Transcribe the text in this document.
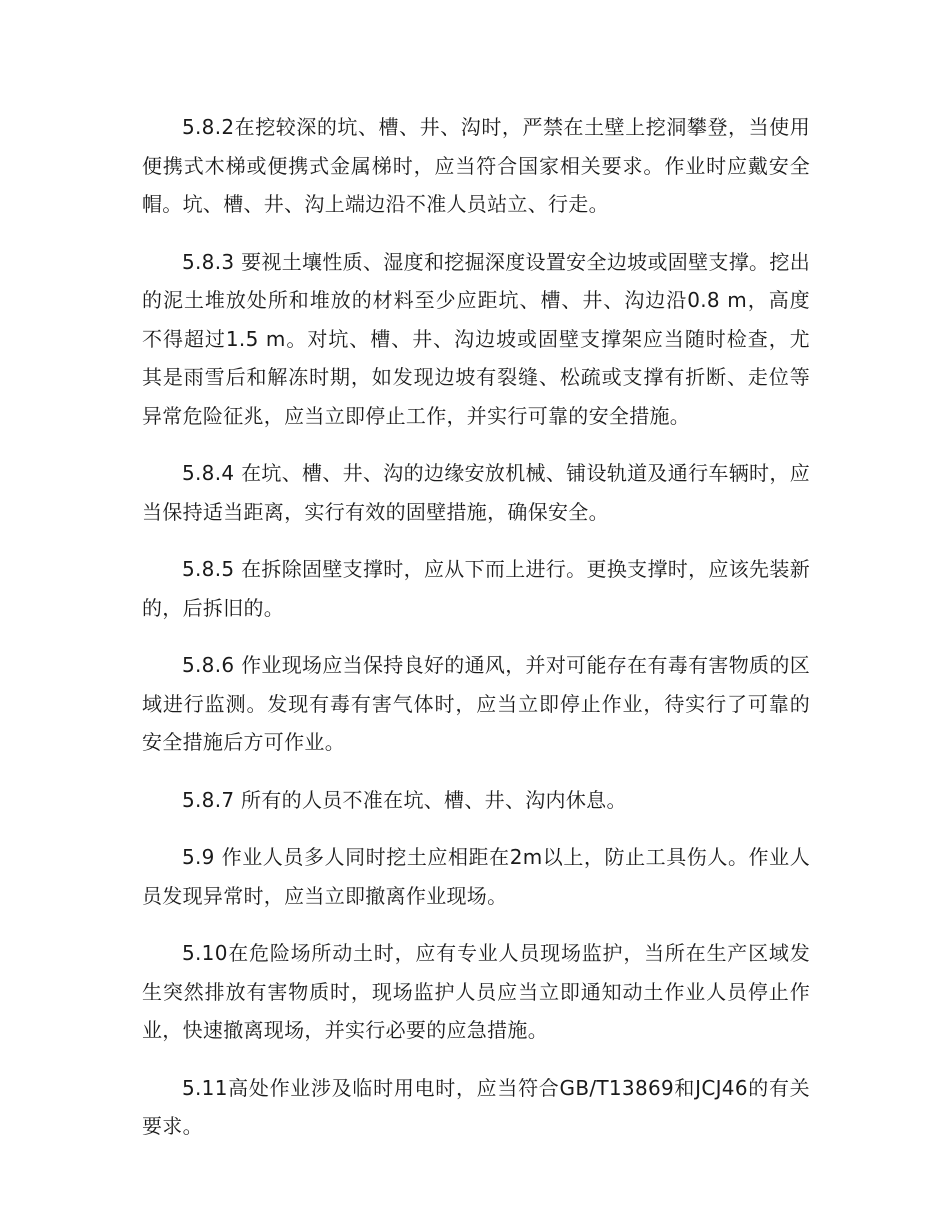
5.8.2在挖较深的坑、槽、井、沟时，严禁在土壁上挖洞攀登，当使用便携式木梯或便携式金属梯时，应当符合国家相关要求。作业时应戴安全帽。坑、槽、井、沟上端边沿不准人员站立、行走。

5.8.3 要视土壤性质、湿度和挖掘深度设置安全边坡或固壁支撑。挖出的泥土堆放处所和堆放的材料至少应距坑、槽、井、沟边沿0.8 m，高度不得超过1.5 m。对坑、槽、井、沟边坡或固壁支撑架应当随时检查，尤其是雨雪后和解冻时期，如发现边坡有裂缝、松疏或支撑有折断、走位等异常危险征兆，应当立即停止工作，并实行可靠的安全措施。

5.8.4 在坑、槽、井、沟的边缘安放机械、铺设轨道及通行车辆时，应当保持适当距离，实行有效的固壁措施，确保安全。

5.8.5 在拆除固壁支撑时，应从下而上进行。更换支撑时，应该先装新的，后拆旧的。

5.8.6 作业现场应当保持良好的通风，并对可能存在有毒有害物质的区域进行监测。发现有毒有害气体时，应当立即停止作业，待实行了可靠的安全措施后方可作业。

5.8.7 所有的人员不准在坑、槽、井、沟内休息。

5.9 作业人员多人同时挖土应相距在2m以上，防止工具伤人。作业人员发现异常时，应当立即撤离作业现场。

5.10在危险场所动土时，应有专业人员现场监护，当所在生产区域发生突然排放有害物质时，现场监护人员应当立即通知动土作业人员停止作业，快速撤离现场，并实行必要的应急措施。

5.11高处作业涉及临时用电时，应当符合GB/T13869和JCJ46的有关要求。
